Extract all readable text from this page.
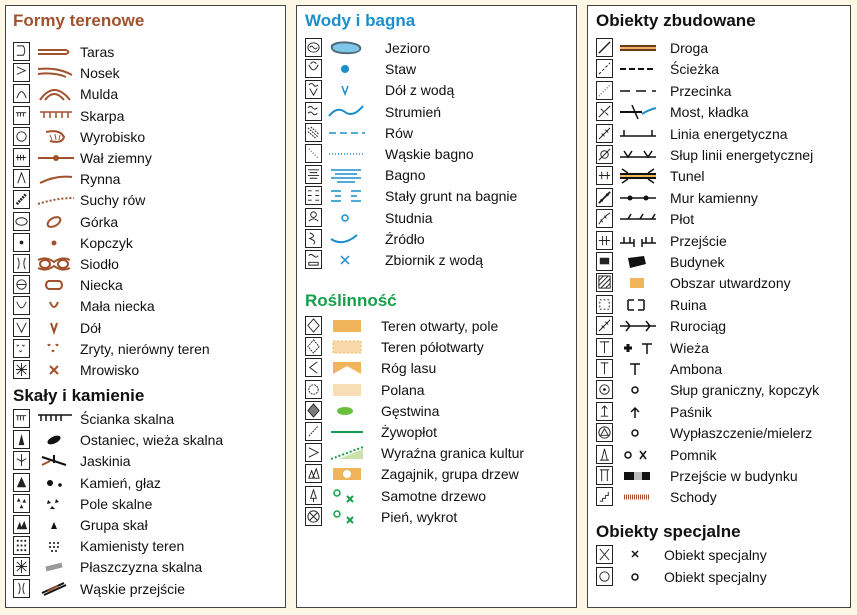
Formy terenowe
Taras
Nosek
Mulda
Skarpa
Wyrobisko
Wał ziemny
Rynna
Suchy rów
Górka
Kopczyk
Siodło
Niecka
Mała niecka
Dół
Zryty, nierówny teren
Mrowisko
Skały i kamienie
Ścianka skalna
Ostaniec, wieża skalna
Jaskinia
Kamień, głaz
Pole skalne
Grupa skał
Kamienisty teren
Płaszczyzna skalna
Wąskie przejście
Wody i bagna
Jezioro
Staw
Dół z wodą
Strumień
Rów
Wąskie bagno
Bagno
Stały grunt na bagnie
Studnia
Źródło
Zbiornik z wodą
Roślinność
Teren otwarty, pole
Teren półotwarty
Róg lasu
Polana
Gęstwina
Żywopłot
Wyraźna granica kultur
Zagajnik, grupa drzew
Samotne drzewo
Pień, wykrot
Obiekty zbudowane
Droga
Ścieżka
Przecinka
Most, kładka
Linia energetyczna
Słup linii energetycznej
Tunel
Mur kamienny
Płot
Przejście
Budynek
Obszar utwardzony
Ruina
Rurociąg
Wieża
Ambona
Słup graniczny, kopczyk
Paśnik
Wypłaszczenie/mielerz
Pomnik
Przejście w budynku
Schody
Obiekty specjalne
Obiekt specjalny
Obiekt specjalny
